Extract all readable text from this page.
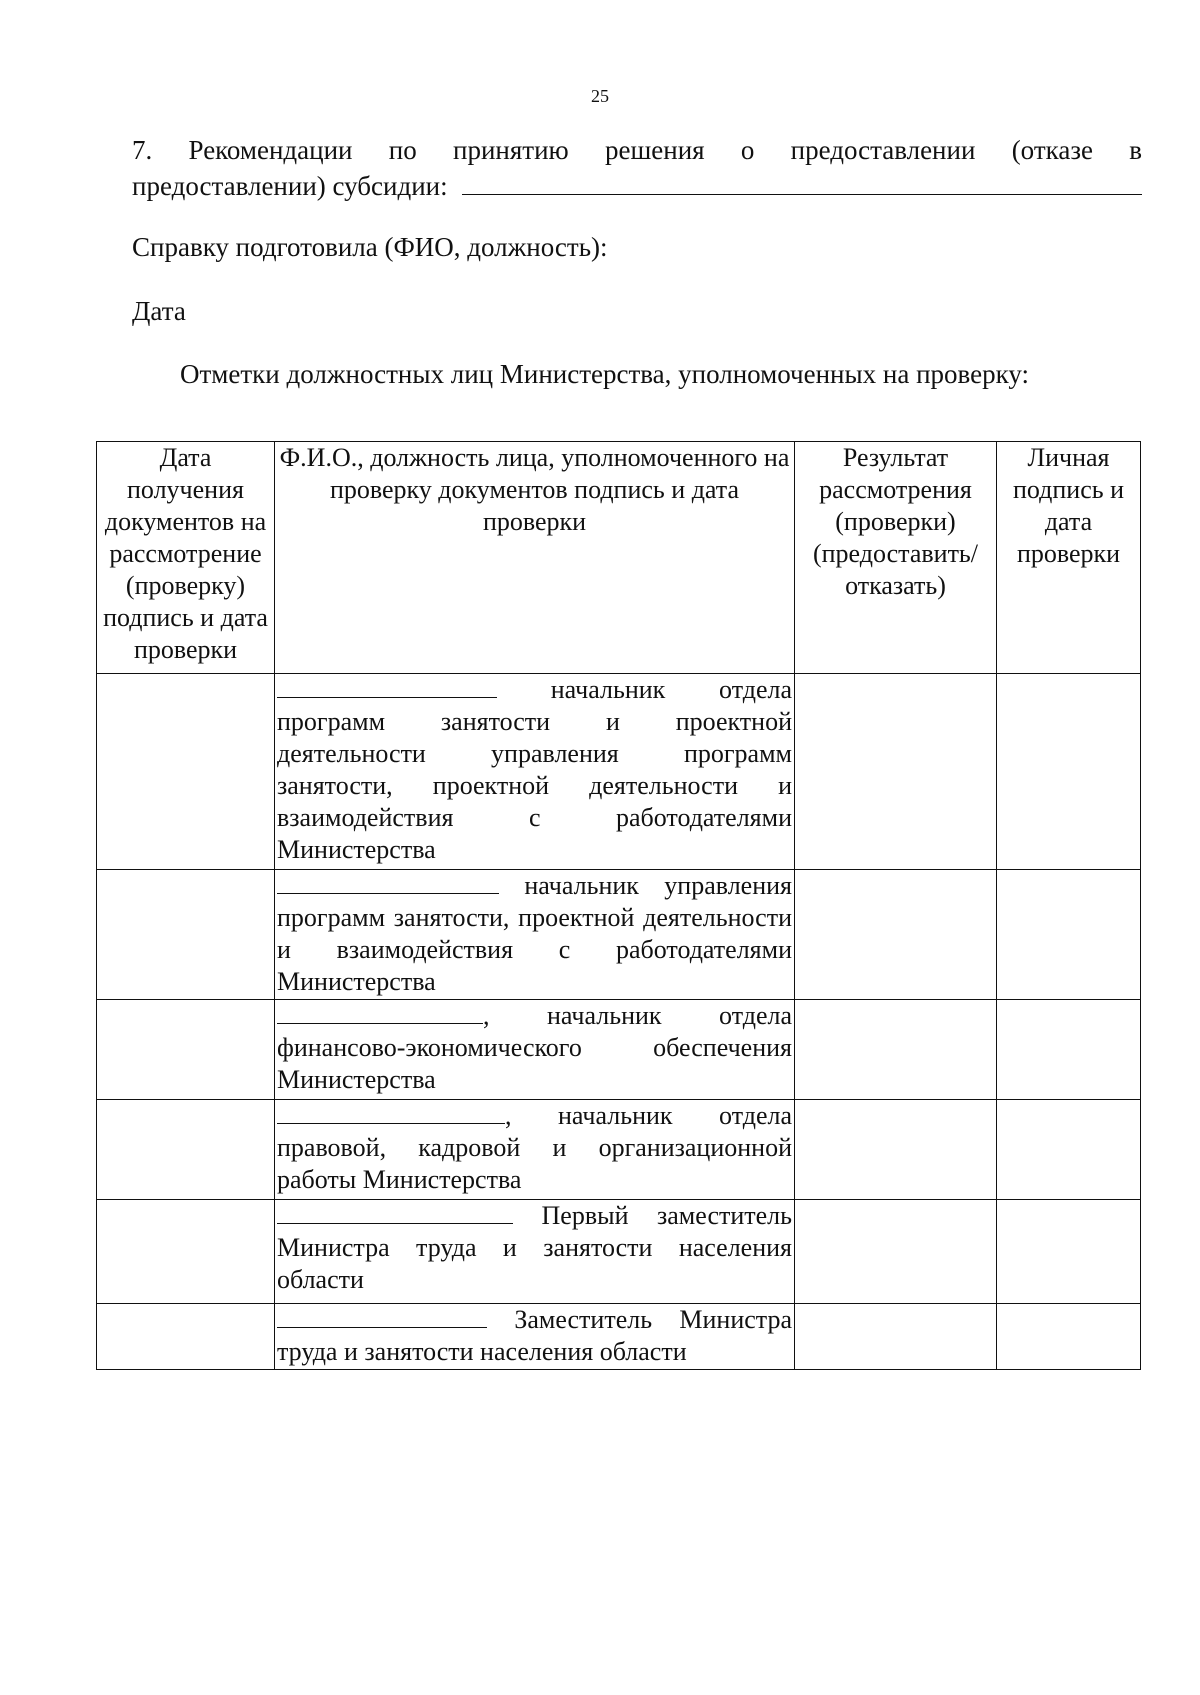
25
7. Рекомендации по принятию решения о предоставлении (отказе в
предоставлении) субсидии:
Справку подготовила (ФИО, должность):
Дата
Отметки должностных лиц Министерства, уполномоченных на проверку:
Дата получения документов на рассмотрение (проверку) подпись и дата проверки	Ф.И.О., должность лица, уполномоченного на проверку документов подпись и дата проверки	Результат рассмотрения (проверки) (предоставить/отказать)	Личная подпись и дата проверки
	начальник отдела программ занятости и проектной деятельности управления программ занятости, проектной деятельности и взаимодействия с работодателями Министерства		
	начальник управления программ занятости, проектной деятельности и взаимодействия с работодателями Министерства		
	, начальник отдела финансово-экономического обеспечения Министерства		
	, начальник отдела правовой, кадровой и организационной работы Министерства		
	Первый заместитель Министра труда и занятости населения области		
	Заместитель Министра труда и занятости населения области		
